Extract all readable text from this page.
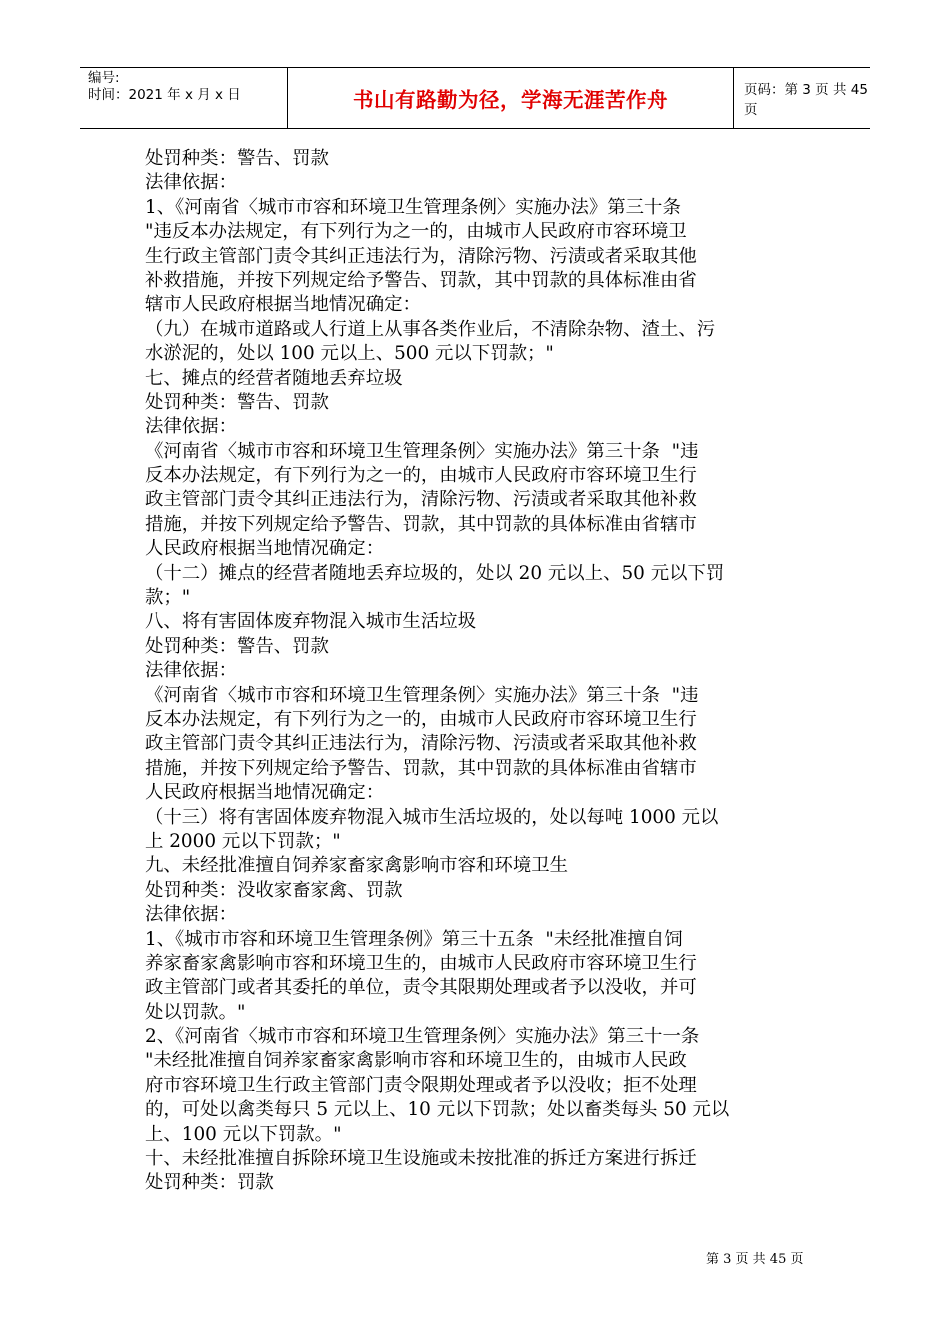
编号:
时间：2021 年 x 月 x 日	书山有路勤为径，学海无涯苦作舟	页码：第 3 页 共 45 页
处罚种类：警告、罚款
法律依据：
1、《河南省〈城市市容和环境卫生管理条例〉实施办法》第三十条
"违反本办法规定，有下列行为之一的，由城市人民政府市容环境卫
生行政主管部门责令其纠正违法行为，清除污物、污渍或者采取其他
补救措施，并按下列规定给予警告、罚款，其中罚款的具体标准由省
辖市人民政府根据当地情况确定：
（九）在城市道路或人行道上从事各类作业后，不清除杂物、渣土、污
水淤泥的，处以 100 元以上、500 元以下罚款；"
七、摊点的经营者随地丢弃垃圾
处罚种类：警告、罚款
法律依据：
《河南省〈城市市容和环境卫生管理条例〉实施办法》第三十条  "违
反本办法规定，有下列行为之一的，由城市人民政府市容环境卫生行
政主管部门责令其纠正违法行为，清除污物、污渍或者采取其他补救
措施，并按下列规定给予警告、罚款，其中罚款的具体标准由省辖市
人民政府根据当地情况确定：
（十二）摊点的经营者随地丢弃垃圾的，处以 20 元以上、50 元以下罚
款；"
八、将有害固体废弃物混入城市生活垃圾
处罚种类：警告、罚款
法律依据：
《河南省〈城市市容和环境卫生管理条例〉实施办法》第三十条  "违
反本办法规定，有下列行为之一的，由城市人民政府市容环境卫生行
政主管部门责令其纠正违法行为，清除污物、污渍或者采取其他补救
措施，并按下列规定给予警告、罚款，其中罚款的具体标准由省辖市
人民政府根据当地情况确定：
（十三）将有害固体废弃物混入城市生活垃圾的，处以每吨 1000 元以
上 2000 元以下罚款；"
九、未经批准擅自饲养家畜家禽影响市容和环境卫生
处罚种类：没收家畜家禽、罚款
法律依据：
1、《城市市容和环境卫生管理条例》第三十五条  "未经批准擅自饲
养家畜家禽影响市容和环境卫生的，由城市人民政府市容环境卫生行
政主管部门或者其委托的单位，责令其限期处理或者予以没收，并可
处以罚款。"
2、《河南省〈城市市容和环境卫生管理条例〉实施办法》第三十一条
"未经批准擅自饲养家畜家禽影响市容和环境卫生的，由城市人民政
府市容环境卫生行政主管部门责令限期处理或者予以没收；拒不处理
的，可处以禽类每只 5 元以上、10 元以下罚款；处以畜类每头 50 元以
上、100 元以下罚款。"
十、未经批准擅自拆除环境卫生设施或未按批准的拆迁方案进行拆迁
处罚种类：罚款
第 3 页 共 45 页
